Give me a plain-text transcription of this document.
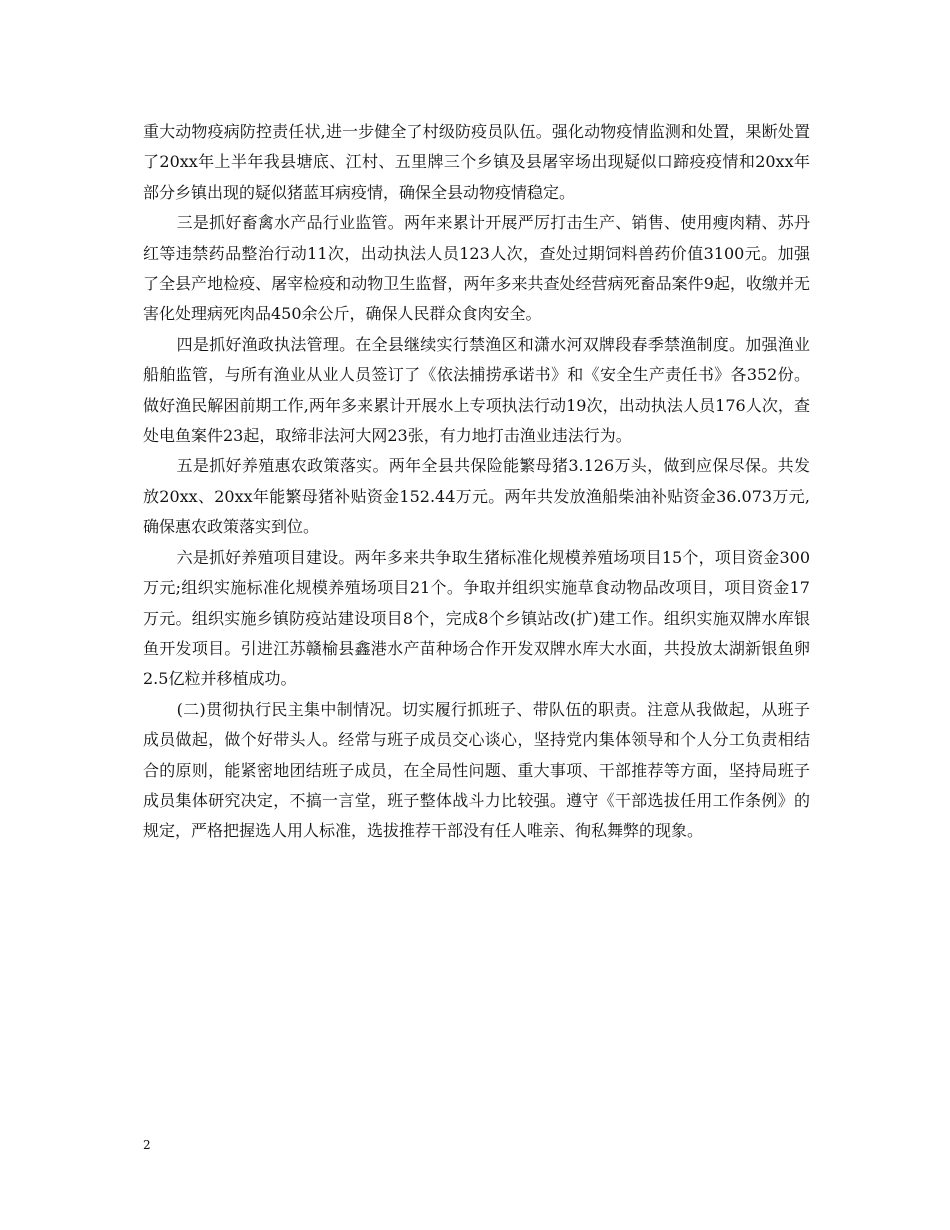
重大动物疫病防控责任状,进一步健全了村级防疫员队伍。强化动物疫情监测和处置，果断处置了20xx年上半年我县塘底、江村、五里牌三个乡镇及县屠宰场出现疑似口蹄疫疫情和20xx年部分乡镇出现的疑似猪蓝耳病疫情，确保全县动物疫情稳定。

三是抓好畜禽水产品行业监管。两年来累计开展严厉打击生产、销售、使用瘦肉精、苏丹红等违禁药品整治行动11次，出动执法人员123人次，查处过期饲料兽药价值3100元。加强了全县产地检疫、屠宰检疫和动物卫生监督，两年多来共查处经营病死畜品案件9起，收缴并无害化处理病死肉品450余公斤，确保人民群众食肉安全。

四是抓好渔政执法管理。在全县继续实行禁渔区和潇水河双牌段春季禁渔制度。加强渔业船舶监管，与所有渔业从业人员签订了《依法捕捞承诺书》和《安全生产责任书》各352份。做好渔民解困前期工作,两年多来累计开展水上专项执法行动19次，出动执法人员176人次，查处电鱼案件23起，取缔非法河大网23张，有力地打击渔业违法行为。

五是抓好养殖惠农政策落实。两年全县共保险能繁母猪3.126万头，做到应保尽保。共发放20xx、20xx年能繁母猪补贴资金152.44万元。两年共发放渔船柴油补贴资金36.073万元,确保惠农政策落实到位。

六是抓好养殖项目建设。两年多来共争取生猪标准化规模养殖场项目15个，项目资金300万元;组织实施标准化规模养殖场项目21个。争取并组织实施草食动物品改项目，项目资金17万元。组织实施乡镇防疫站建设项目8个，完成8个乡镇站改(扩)建工作。组织实施双牌水库银鱼开发项目。引进江苏赣榆县鑫港水产苗种场合作开发双牌水库大水面，共投放太湖新银鱼卵2.5亿粒并移植成功。

(二)贯彻执行民主集中制情况。切实履行抓班子、带队伍的职责。注意从我做起，从班子成员做起，做个好带头人。经常与班子成员交心谈心，坚持党内集体领导和个人分工负责相结合的原则，能紧密地团结班子成员，在全局性问题、重大事项、干部推荐等方面，坚持局班子成员集体研究决定，不搞一言堂，班子整体战斗力比较强。遵守《干部选拔任用工作条例》的规定，严格把握选人用人标准，选拔推荐干部没有任人唯亲、徇私舞弊的现象。

2
